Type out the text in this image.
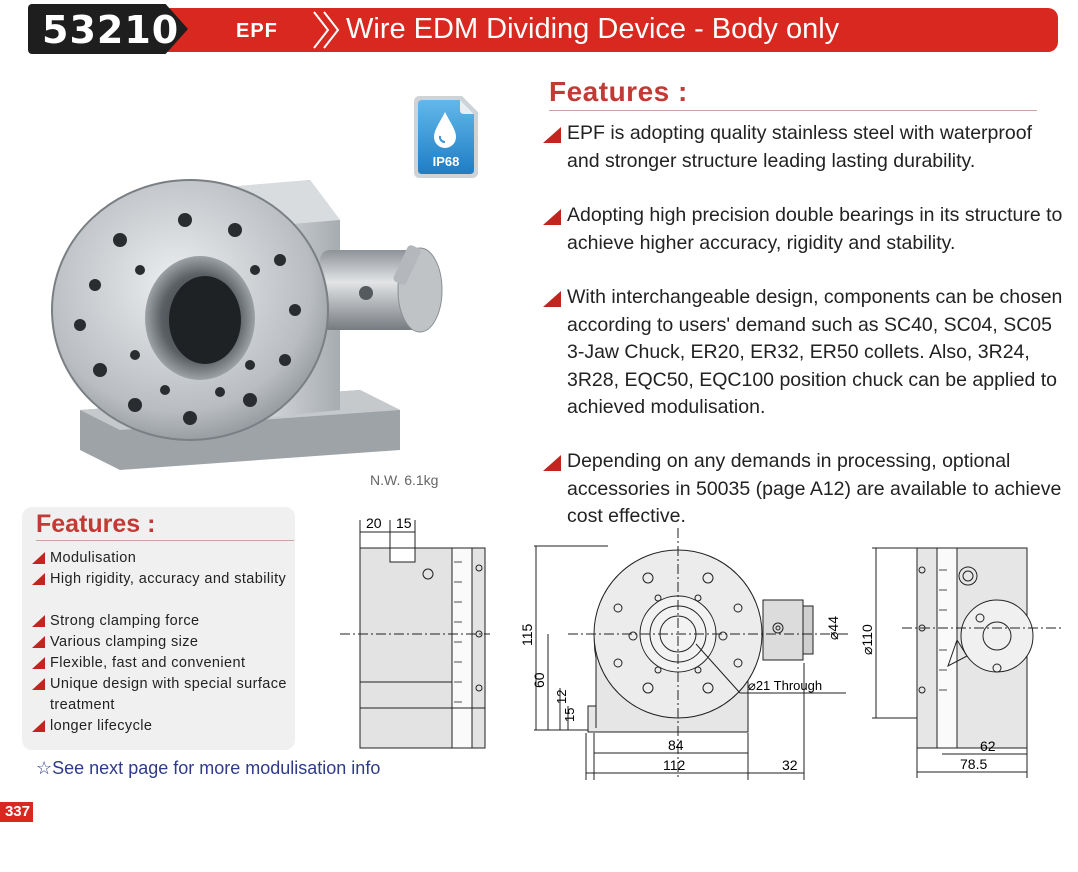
53210	EPF Wire EDM Dividing Device - Body only
IP68
N.W. 6.1kg
Features :
EPF is adopting quality stainless steel with waterproof and stronger structure leading lasting durability.
Adopting high precision double bearings in its structure to achieve higher accuracy, rigidity and stability.
With interchangeable design, components can be chosen according to users' demand such as SC40, SC04, SC05 3-Jaw Chuck, ER20, ER32, ER50 collets. Also, 3R24, 3R28, EQC50, EQC100 position chuck can be applied to achieved modulisation.
Depending on any demands in processing, optional accessories in 50035 (page A12) are available to achieve cost effective.
Features :
Modulisation
High rigidity, accuracy and stability
Strong clamping force
Various clamping size
Flexible, fast and convenient
Unique design with special surface treatment
longer lifecycle
☆See next page for more modulisation info
337
20 15
115
60
12
15
84
112	32
⌀44
⌀21 Through
⌀110
62
78.5
